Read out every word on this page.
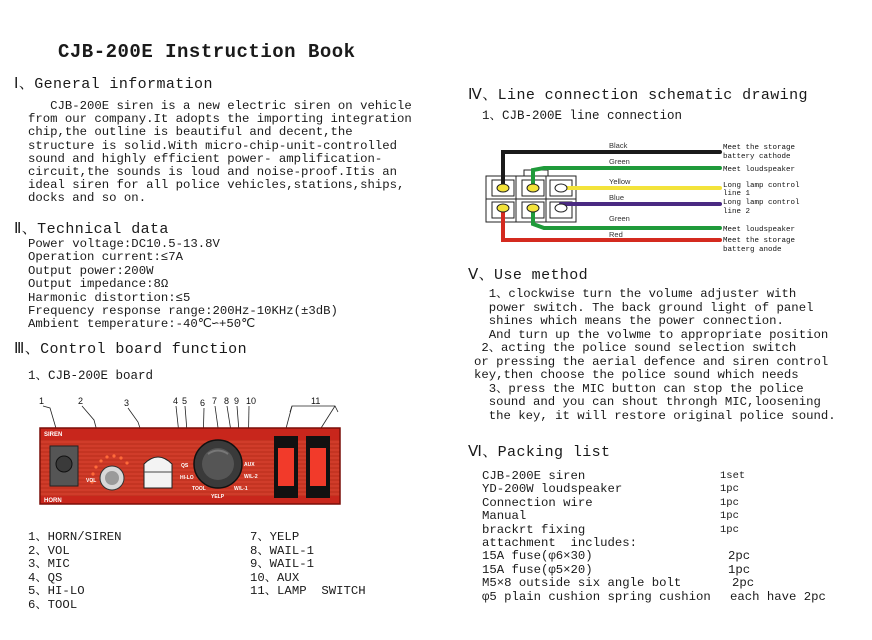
CJB-200E Instruction Book
Ⅰ、General information
CJB-200E siren is a new electric siren on vehicle
from our company.It adopts the importing integration
chip,the outline is beautiful and decent,the
structure is solid.With micro-chip-unit-controlled
sound and highly efficient power- amplification-
circuit,the sounds is loud and noise-proof.Itis an
ideal siren for all police vehicles,stations,ships,
docks and so on.
Ⅱ、Technical data
Power voltage:DC10.5-13.8V
Operation current:≤7A
Output power:200W
Output impedance:8Ω
Harmonic distortion:≤5
Frequency response range:200Hz-10KHz(±3dB)
Ambient temperature:-40℃∽+50℃
Ⅲ、Control board function
1、CJB-200E board
1	2	3	4 5 6 7 8 9 10	11
SIREN
HORN
VOL
QS
HI-LO
TOOL
YELP
AUX
W/L-2
W/L-1
1、HORN/SIREN
2、VOL
3、MIC
4、QS
5、HI-LO
6、TOOL
7、YELP
8、WAIL-1
9、WAIL-1
10、AUX
11、LAMP  SWITCH
Ⅳ、Line connection schematic drawing
1、CJB-200E line connection
Black
Green
Yellow
Blue
Green
Red
Meet the storage
battery cathode
Meet loudspeaker
Long lamp control
line 1
Long lamp control
line 2
Meet loudspeaker
Meet the storage
batterg anode
Ⅴ、Use method
1、clockwise turn the volume adjuster with
power switch. The back ground light of panel
shines which means the power connection.
And turn up the volwme to appropriate position
2、acting the police sound selection switch
or pressing the aerial defence and siren control
key,then choose the police sound which needs
3、press the MIC button can stop the police
sound and you can shout throngh MIC,loosening
the key, it will restore original police sound.
Ⅵ、Packing list
CJB-200E siren	1set
YD-200W loudspeaker	1pc
Connection wire	1pc
Manual	1pc
brackrt fixing	1pc
attachment  includes:
15A fuse(φ6×30)	2pc
15A fuse(φ5×20)	1pc
M5×8 outside six angle bolt	2pc
φ5 plain cushion spring cushion each have 2pc
